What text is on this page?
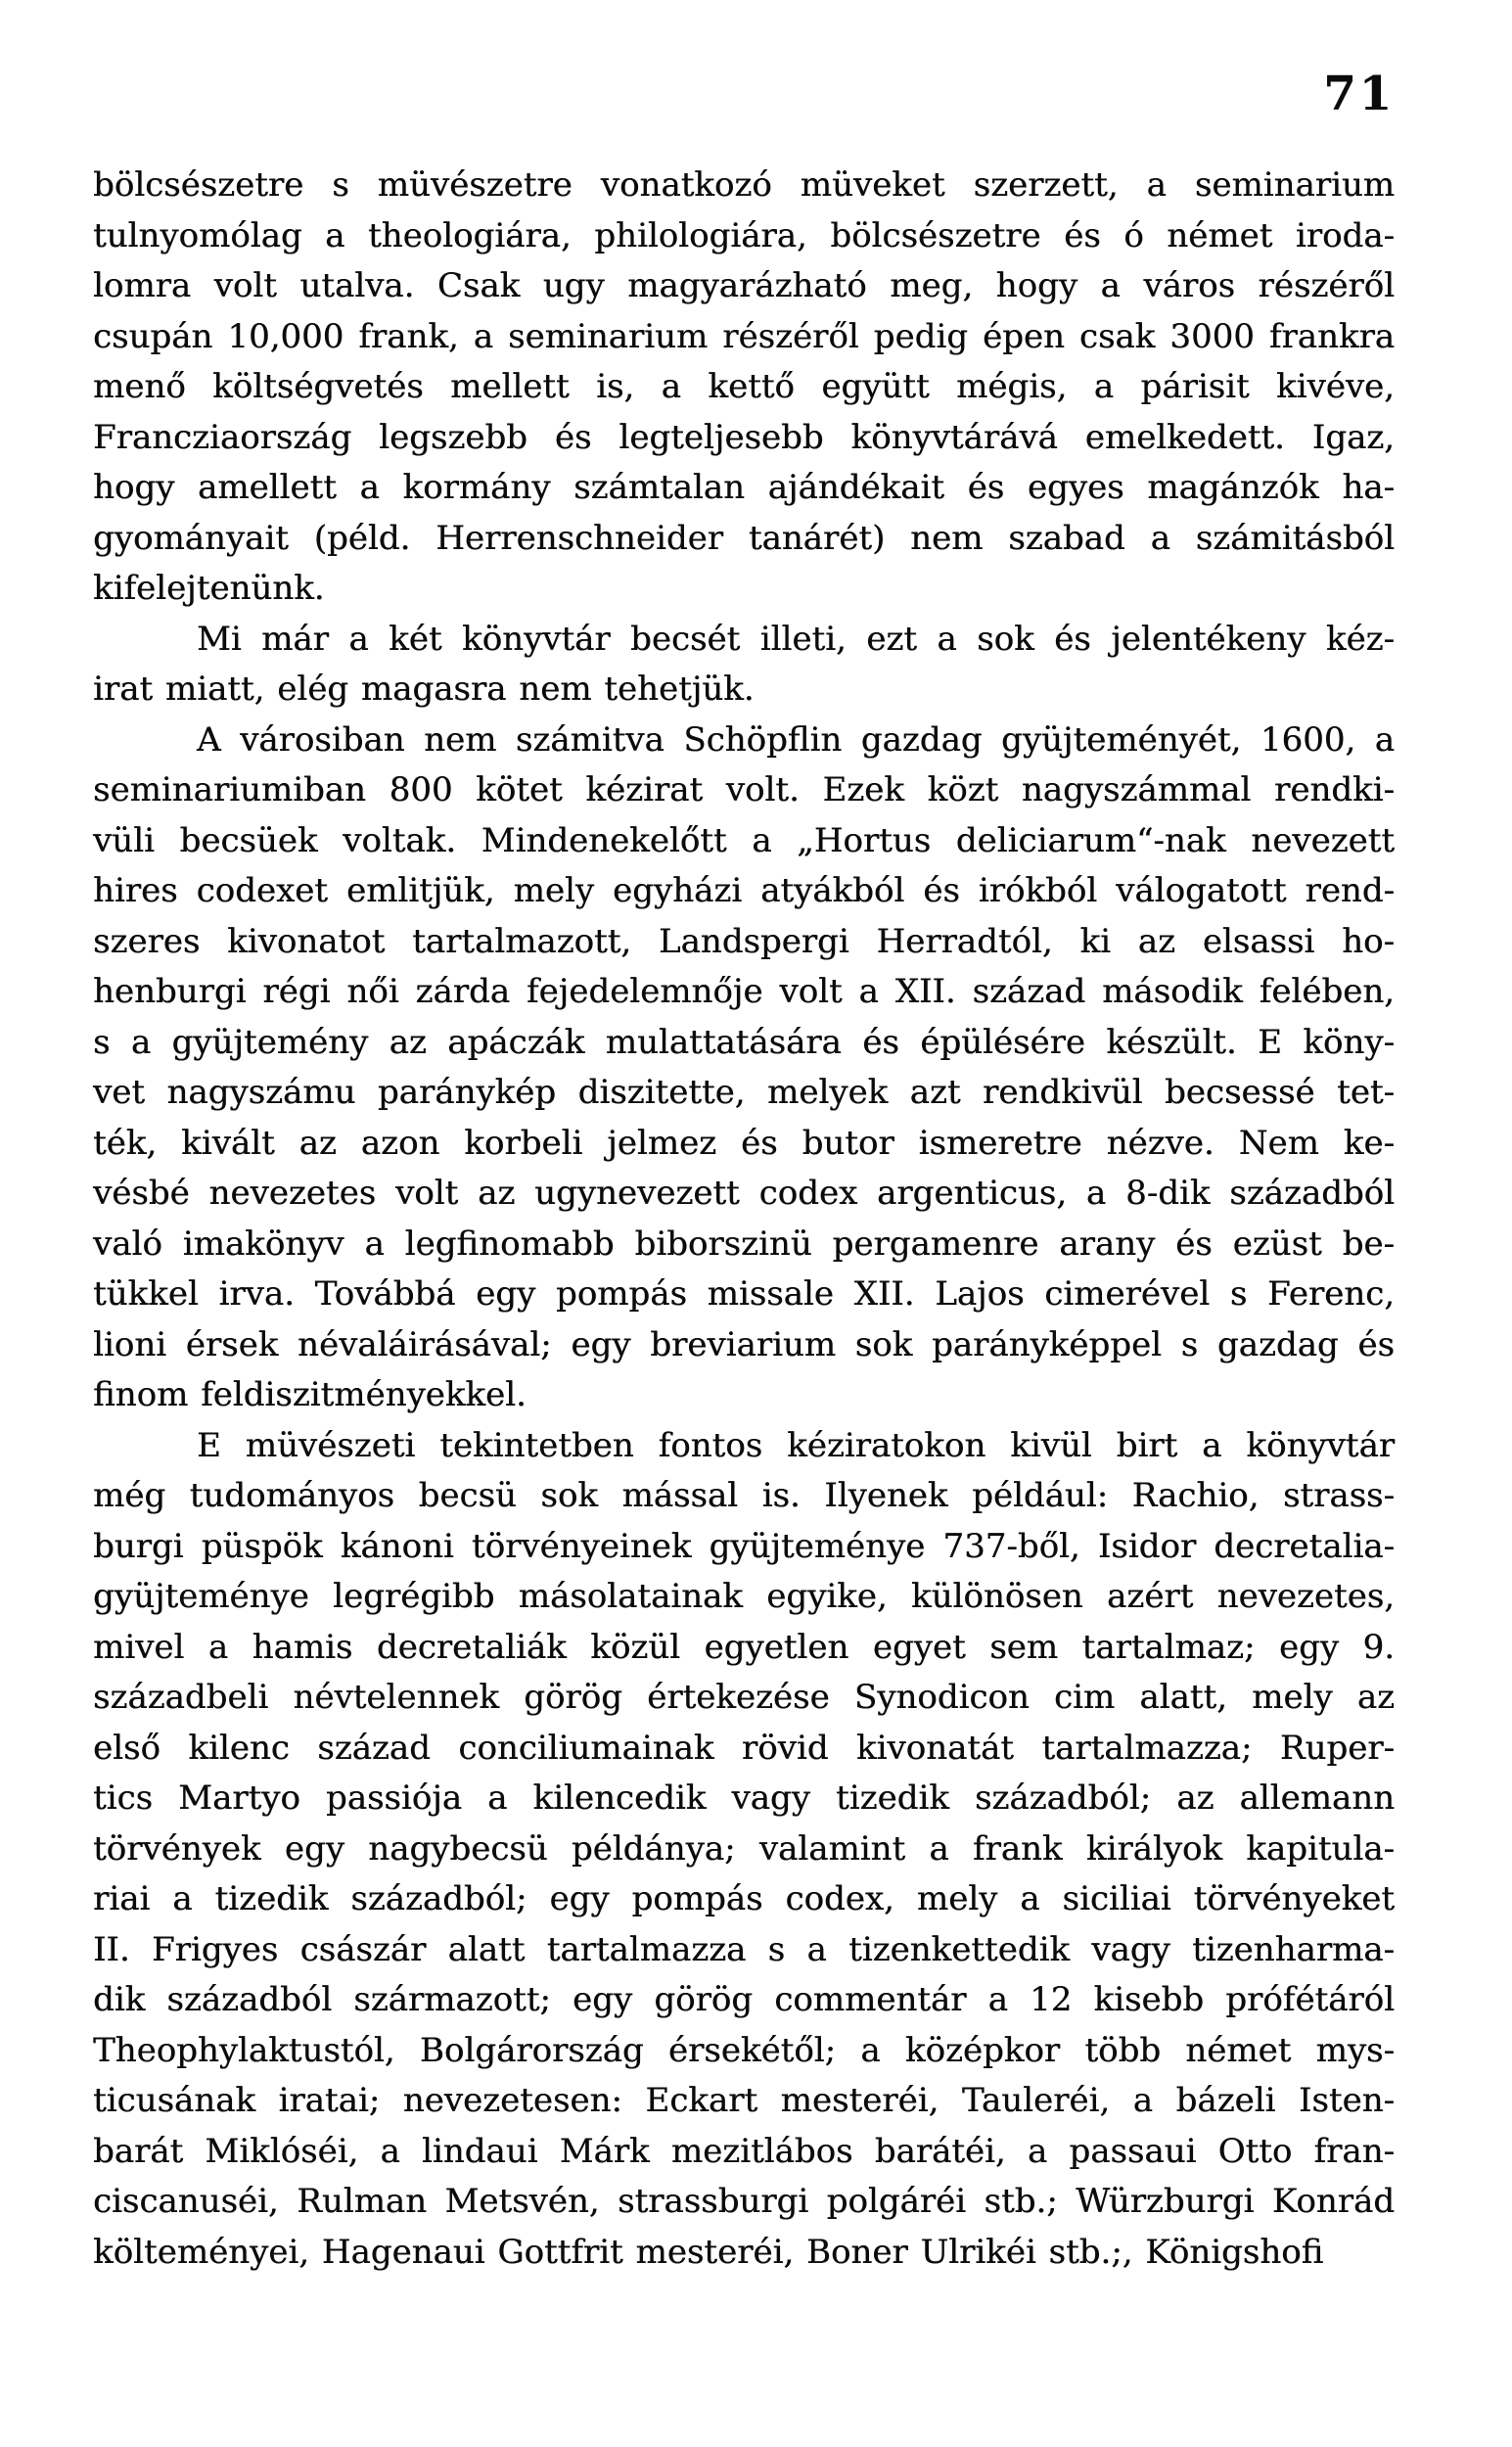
71
bölcsészetre s müvészetre vonatkozó müveket szerzett, a seminarium
tulnyomólag a theologiára, philologiára, bölcsészetre és ó német iroda-
lomra volt utalva. Csak ugy magyarázható meg, hogy a város részéről
csupán 10,000 frank, a seminarium részéről pedig épen csak 3000 frankra
menő költségvetés mellett is, a kettő együtt mégis, a párisit kivéve,
Francziaország legszebb és legteljesebb könyvtárává emelkedett. Igaz,
hogy amellett a kormány számtalan ajándékait és egyes magánzók ha-
gyományait (péld. Herrenschneider tanárét) nem szabad a számitásból
kifelejtenünk.
Mi már a két könyvtár becsét illeti, ezt a sok és jelentékeny kéz-
irat miatt, elég magasra nem tehetjük.
A városiban nem számitva Schöpflin gazdag gyüjteményét, 1600, a
seminariumiban 800 kötet kézirat volt. Ezek közt nagyszámmal rendki-
vüli becsüek voltak. Mindenekelőtt a „Hortus deliciarum“-nak nevezett
hires codexet emlitjük, mely egyházi atyákból és irókból válogatott rend-
szeres kivonatot tartalmazott, Landspergi Herradtól, ki az elsassi ho-
henburgi régi női zárda fejedelemnője volt a XII. század második felében,
s a gyüjtemény az apáczák mulattatására és épülésére készült. E köny-
vet nagyszámu paránykép diszitette, melyek azt rendkivül becsessé tet-
ték, kivált az azon korbeli jelmez és butor ismeretre nézve. Nem ke-
vésbé nevezetes volt az ugynevezett codex argenticus, a 8-dik századból
való imakönyv a legfinomabb biborszinü pergamenre arany és ezüst be-
tükkel irva. Továbbá egy pompás missale XII. Lajos cimerével s Ferenc,
lioni érsek névaláirásával; egy breviarium sok parányképpel s gazdag és
finom feldiszitményekkel.
E müvészeti tekintetben fontos kéziratokon kivül birt a könyvtár
még tudományos becsü sok mással is. Ilyenek például: Rachio, strass-
burgi püspök kánoni törvényeinek gyüjteménye 737-ből, Isidor decretalia-
gyüjteménye legrégibb másolatainak egyike, különösen azért nevezetes,
mivel a hamis decretaliák közül egyetlen egyet sem tartalmaz; egy 9.
századbeli névtelennek görög értekezése Synodicon cim alatt, mely az
első kilenc század conciliumainak rövid kivonatát tartalmazza; Ruper-
tics Martyo passiója a kilencedik vagy tizedik századból; az allemann
törvények egy nagybecsü példánya; valamint a frank királyok kapitula-
riai a tizedik századból; egy pompás codex, mely a siciliai törvényeket
II. Frigyes császár alatt tartalmazza s a tizenkettedik vagy tizenharma-
dik századból származott; egy görög commentár a 12 kisebb prófétáról
Theophylaktustól, Bolgárország érsekétől; a középkor több német mys-
ticusának iratai; nevezetesen: Eckart mesteréi, Tauleréi, a bázeli Isten-
barát Miklóséi, a lindaui Márk mezitlábos barátéi, a passaui Otto fran-
ciscanuséi, Rulman Metsvén, strassburgi polgáréi stb.; Würzburgi Konrád
költeményei, Hagenaui Gottfrit mesteréi, Boner Ulrikéi stb.;, Königshofi
